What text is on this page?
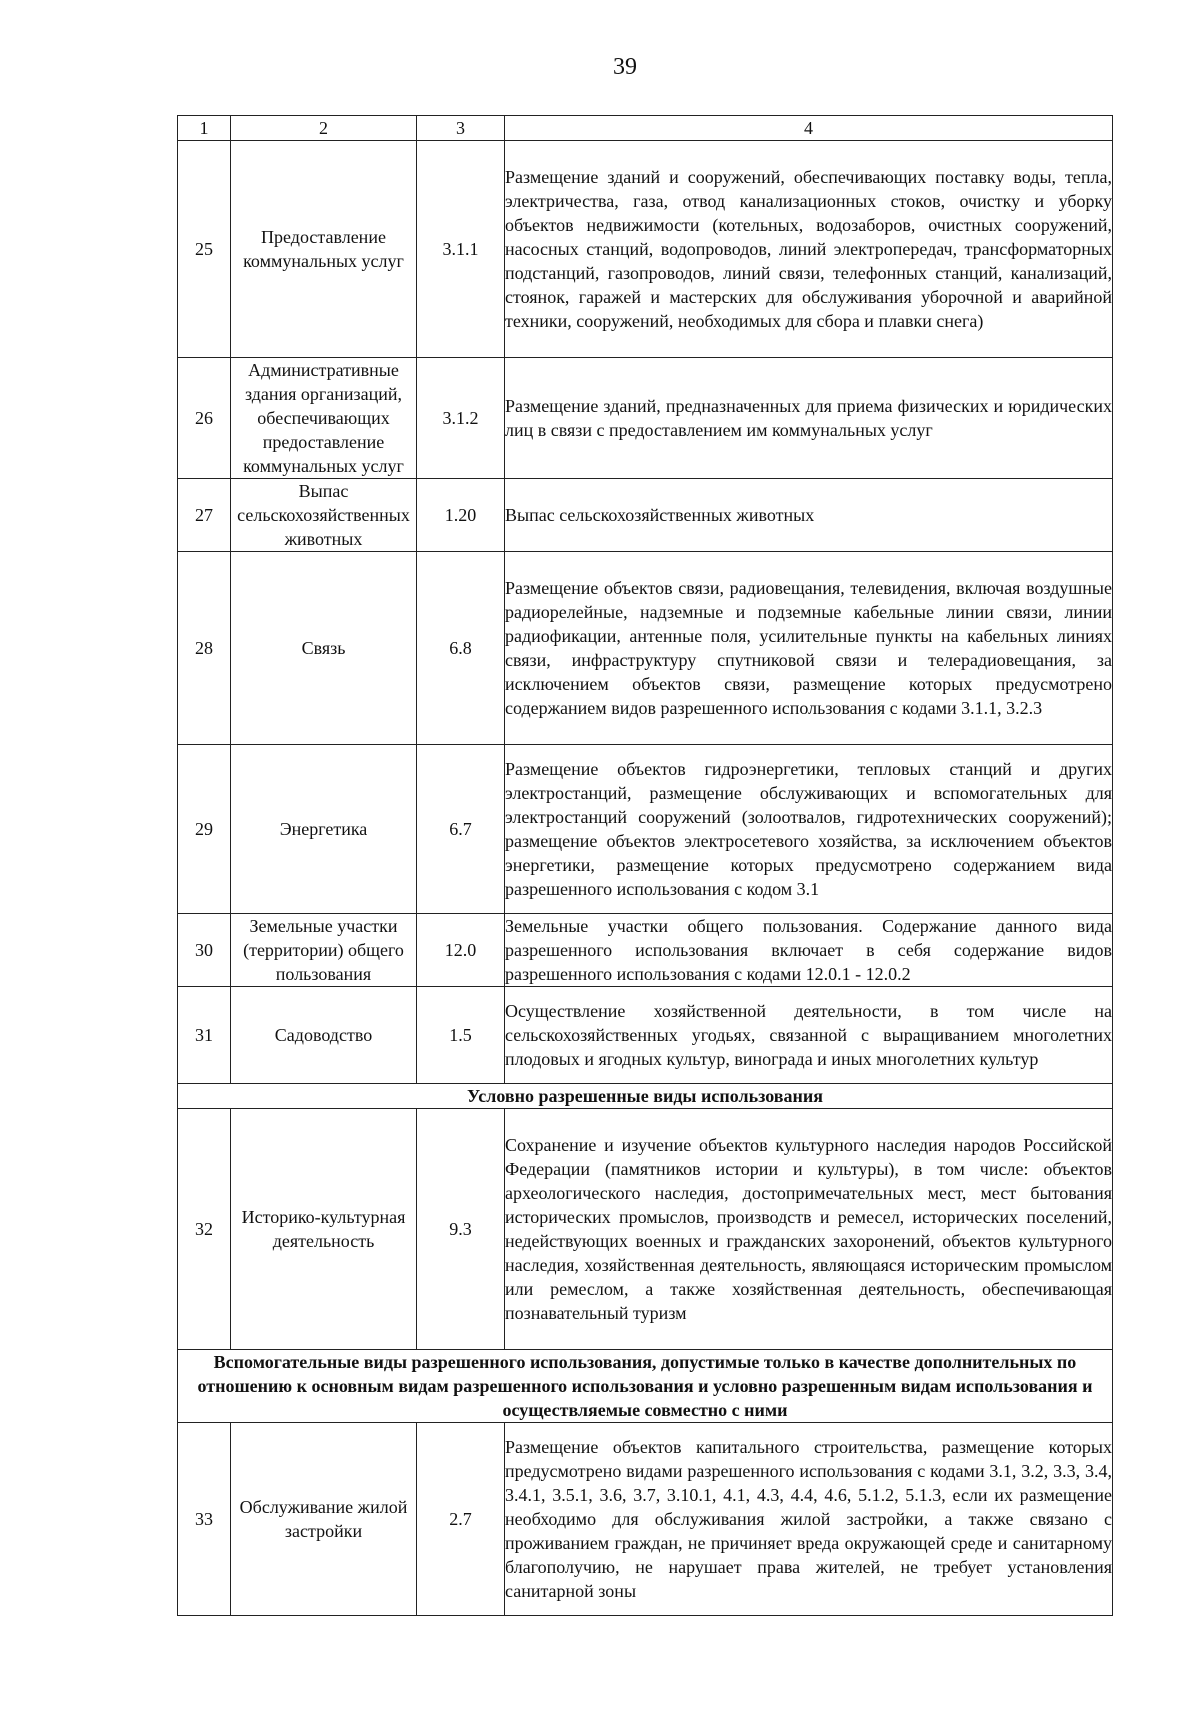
39
1	2	3	4
25	Предоставление коммунальных услуг	3.1.1	Размещение зданий и сооружений, обеспечивающих поставку воды, тепла, электричества, газа, отвод канализационных стоков, очистку и уборку объектов недвижимости (котельных, водозаборов, очистных сооружений, насосных станций, водопроводов, линий электропередач, трансформаторных подстанций, газопроводов, линий связи, телефонных станций, канализаций, стоянок, гаражей и мастерских для обслуживания уборочной и аварийной техники, сооружений, необходимых для сбора и плавки снега)
26	Административные здания организаций, обеспечивающих предоставление коммунальных услуг	3.1.2	Размещение зданий, предназначенных для приема физических и юридических лиц в связи с предоставлением им коммунальных услуг
27	Выпас сельскохозяйственных животных	1.20	Выпас сельскохозяйственных животных
28	Связь	6.8	Размещение объектов связи, радиовещания, телевидения, включая воздушные радиорелейные, надземные и подземные кабельные линии связи, линии радиофикации, антенные поля, усилительные пункты на кабельных линиях связи, инфраструктуру спутниковой связи и телерадиовещания, за исключением объектов связи, размещение которых предусмотрено содержанием видов разрешенного использования с кодами 3.1.1, 3.2.3
29	Энергетика	6.7	Размещение объектов гидроэнергетики, тепловых станций и других электростанций, размещение обслуживающих и вспомогательных для электростанций сооружений (золоотвалов, гидротехнических сооружений); размещение объектов электросетевого хозяйства, за исключением объектов энергетики, размещение которых предусмотрено содержанием вида разрешенного использования с кодом 3.1
30	Земельные участки (территории) общего пользования	12.0	Земельные участки общего пользования. Содержание данного вида разрешенного использования включает в себя содержание видов разрешенного использования с кодами 12.0.1 - 12.0.2
31	Садоводство	1.5	Осуществление хозяйственной деятельности, в том числе на сельскохозяйственных угодьях, связанной с выращиванием многолетних плодовых и ягодных культур, винограда и иных многолетних культур
Условно разрешенные виды использования			
32	Историко-культурная деятельность	9.3	Сохранение и изучение объектов культурного наследия народов Российской Федерации (памятников истории и культуры), в том числе: объектов археологического наследия, достопримечательных мест, мест бытования исторических промыслов, производств и ремесел, исторических поселений, недействующих военных и гражданских захоронений, объектов культурного наследия, хозяйственная деятельность, являющаяся историческим промыслом или ремеслом, а также хозяйственная деятельность, обеспечивающая познавательный туризм
Вспомогательные виды разрешенного использования, допустимые только в качестве дополнительных по отношению к основным видам разрешенного использования и условно разрешенным видам использования и осуществляемые совместно с ними			
33	Обслуживание жилой застройки	2.7	Размещение объектов капитального строительства, размещение которых предусмотрено видами разрешенного использования с кодами 3.1, 3.2, 3.3, 3.4, 3.4.1, 3.5.1, 3.6, 3.7, 3.10.1, 4.1, 4.3, 4.4, 4.6, 5.1.2, 5.1.3, если их размещение необходимо для обслуживания жилой застройки, а также связано с проживанием граждан, не причиняет вреда окружающей среде и санитарному благополучию, не нарушает права жителей, не требует установления санитарной зоны
